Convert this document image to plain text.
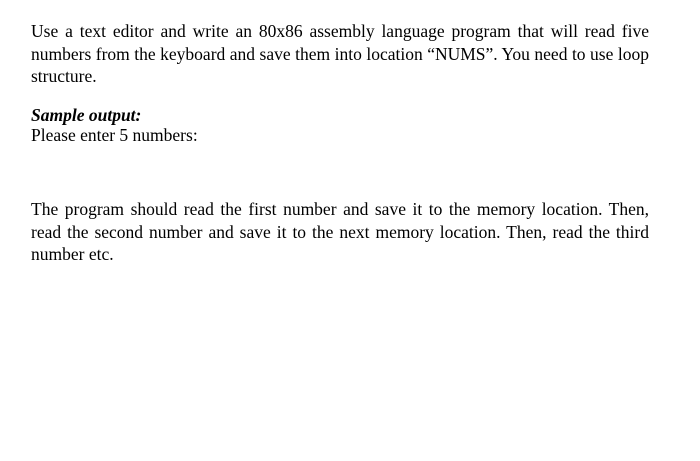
Use a text editor and write an 80x86 assembly language program that will read five numbers from the keyboard and save them into location “NUMS”. You need to use loop structure.

Sample output:

Please enter 5 numbers:

The program should read the first number and save it to the memory location. Then, read the second number and save it to the next memory location. Then, read the third number etc.
